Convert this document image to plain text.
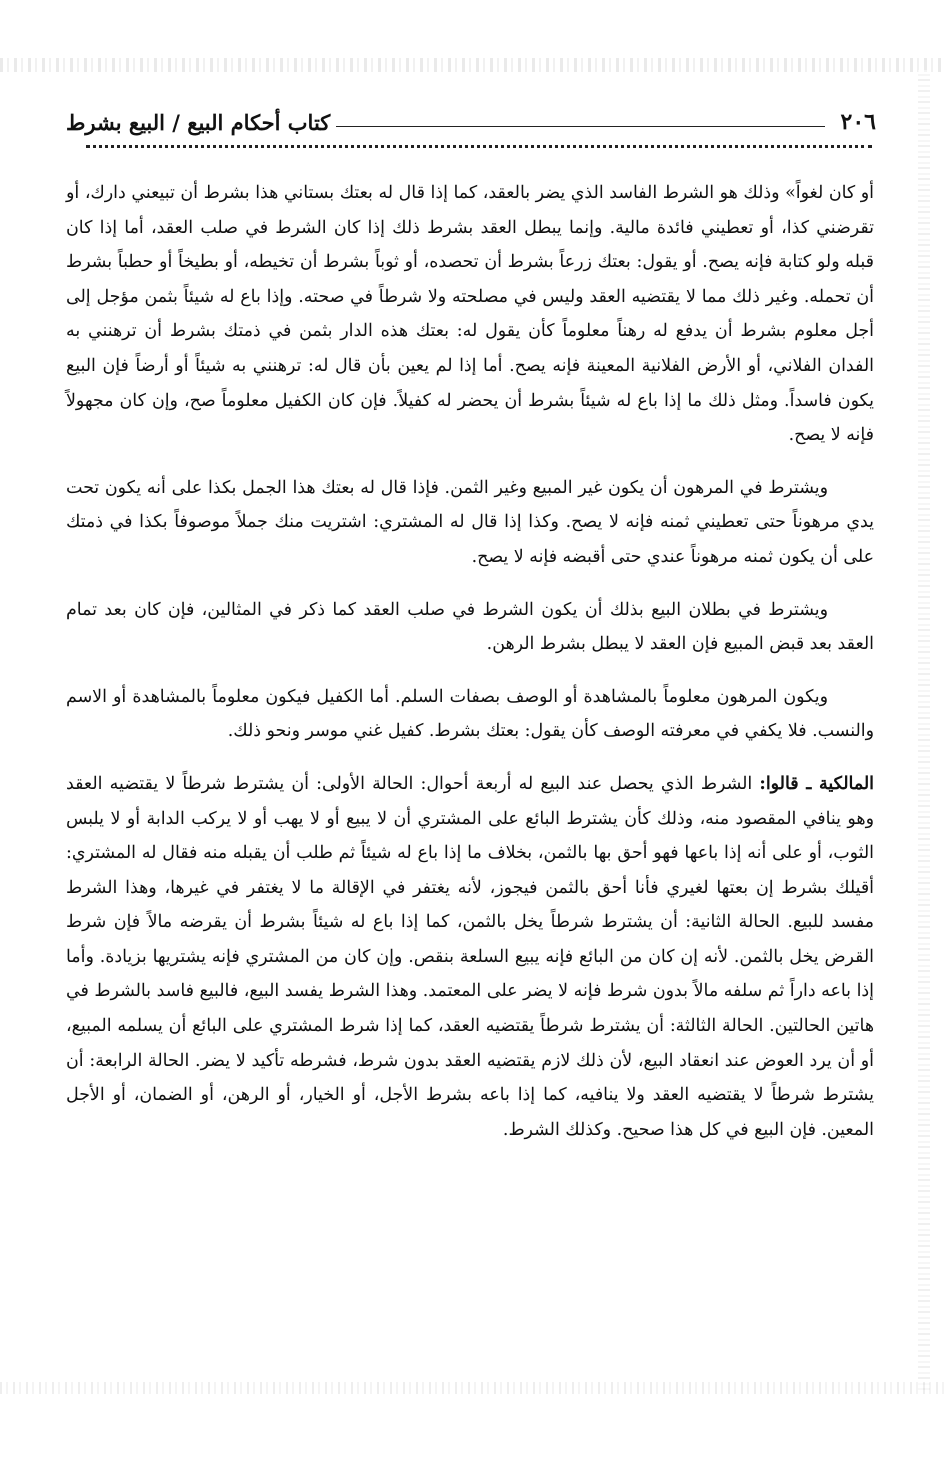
٢٠٦
كتاب أحكام البيع / البيع بشرط

أو كان لغواً» وذلك هو الشرط الفاسد الذي يضر بالعقد، كما إذا قال له بعتك بستاني هذا بشرط أن تبيعني دارك، أو تقرضني كذا، أو تعطيني فائدة مالية. وإنما يبطل العقد بشرط ذلك إذا كان الشرط في صلب العقد، أما إذا كان قبله ولو كتابة فإنه يصح. أو يقول: بعتك زرعاً بشرط أن تحصده، أو ثوباً بشرط أن تخيطه، أو بطيخاً أو حطباً بشرط أن تحمله. وغير ذلك مما لا يقتضيه العقد وليس في مصلحته ولا شرطاً في صحته. وإذا باع له شيئاً بثمن مؤجل إلى أجل معلوم بشرط أن يدفع له رهناً معلوماً كأن يقول له: بعتك هذه الدار بثمن في ذمتك بشرط أن ترهنني به الفدان الفلاني، أو الأرض الفلانية المعينة فإنه يصح. أما إذا لم يعين بأن قال له: ترهنني به شيئاً أو أرضاً فإن البيع يكون فاسداً. ومثل ذلك ما إذا باع له شيئاً بشرط أن يحضر له كفيلاً. فإن كان الكفيل معلوماً صح، وإن كان مجهولاً فإنه لا يصح.

ويشترط في المرهون أن يكون غير المبيع وغير الثمن. فإذا قال له بعتك هذا الجمل بكذا على أنه يكون تحت يدي مرهوناً حتى تعطيني ثمنه فإنه لا يصح. وكذا إذا قال له المشتري: اشتريت منك جملاً موصوفاً بكذا في ذمتك على أن يكون ثمنه مرهوناً عندي حتى أقبضه فإنه لا يصح.

ويشترط في بطلان البيع بذلك أن يكون الشرط في صلب العقد كما ذكر في المثالين، فإن كان بعد تمام العقد بعد قبض المبيع فإن العقد لا يبطل بشرط الرهن.

ويكون المرهون معلوماً بالمشاهدة أو الوصف بصفات السلم. أما الكفيل فيكون معلوماً بالمشاهدة أو الاسم والنسب. فلا يكفي في معرفته الوصف كأن يقول: بعتك بشرط. كفيل غني موسر ونحو ذلك.

المالكية ـ قالوا: الشرط الذي يحصل عند البيع له أربعة أحوال: الحالة الأولى: أن يشترط شرطاً لا يقتضيه العقد وهو ينافي المقصود منه، وذلك كأن يشترط البائع على المشتري أن لا يبيع أو لا يهب أو لا يركب الدابة أو لا يلبس الثوب، أو على أنه إذا باعها فهو أحق بها بالثمن، بخلاف ما إذا باع له شيئاً ثم طلب أن يقبله منه فقال له المشتري: أقيلك بشرط إن بعتها لغيري فأنا أحق بالثمن فيجوز، لأنه يغتفر في الإقالة ما لا يغتفر في غيرها، وهذا الشرط مفسد للبيع. الحالة الثانية: أن يشترط شرطاً يخل بالثمن، كما إذا باع له شيئاً بشرط أن يقرضه مالاً فإن شرط القرض يخل بالثمن. لأنه إن كان من البائع فإنه يبيع السلعة بنقص. وإن كان من المشتري فإنه يشتريها بزيادة. وأما إذا باعه داراً ثم سلفه مالاً بدون شرط فإنه لا يضر على المعتمد. وهذا الشرط يفسد البيع، فالبيع فاسد بالشرط في هاتين الحالتين. الحالة الثالثة: أن يشترط شرطاً يقتضيه العقد، كما إذا شرط المشتري على البائع أن يسلمه المبيع، أو أن يرد العوض عند انعقاد البيع، لأن ذلك لازم يقتضيه العقد بدون شرط، فشرطه تأكيد لا يضر. الحالة الرابعة: أن يشترط شرطاً لا يقتضيه العقد ولا ينافيه، كما إذا باعه بشرط الأجل، أو الخيار، أو الرهن، أو الضمان، أو الأجل المعين. فإن البيع في كل هذا صحيح. وكذلك الشرط.
